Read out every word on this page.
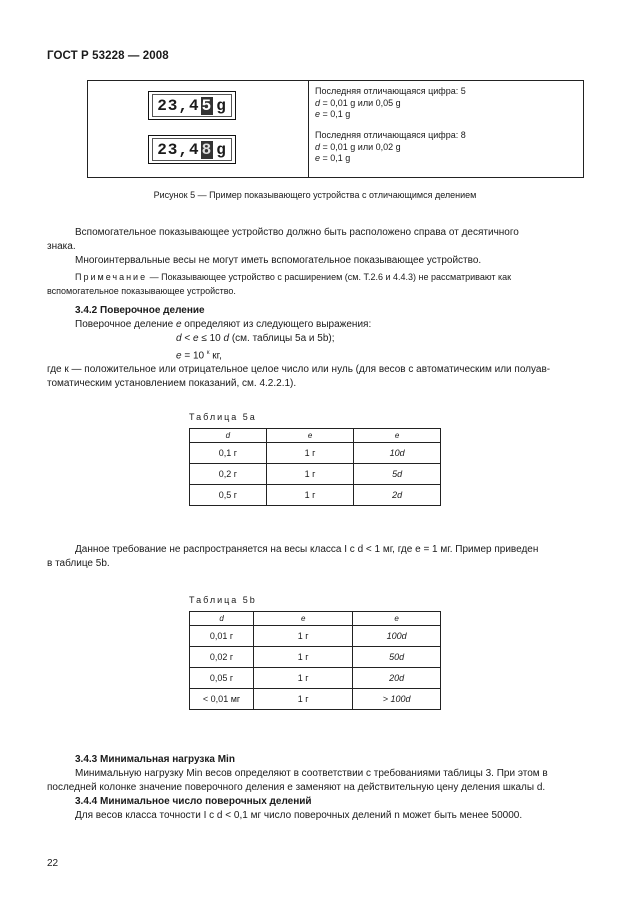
ГОСТ Р 53228 — 2008
23,4 5 g
23,4 8 g
Последняя отличающаяся цифра: 5
d = 0,01 g или 0,05 g
e = 0,1 g
Последняя отличающаяся цифра: 8
d = 0,01 g или 0,02 g
e = 0,1 g
Рисунок 5 — Пример показывающего устройства с отличающимся делением
Вспомогательное показывающее устройство должно быть расположено справа от десятичного
знака.
Многоинтервальные весы не могут иметь вспомогательное показывающее устройство.
Примечание — Показывающее устройство с расширением (см. Т.2.6 и 4.4.3) не рассматривают как
вспомогательное показывающее устройство.
3.4.2 Поверочное деление
Поверочное деление e определяют из следующего выражения:
d < e ≤ 10 d (см. таблицы 5a и 5b);
e = 10 $^к$ кг,
где к — положительное или отрицательное целое число или нуль (для весов с автоматическим или полуав-
томатическим установлением показаний, см. 4.2.2.1).
Таблица 5a
d	e	e
0,1 г	1 г	10d
0,2 г	1 г	5d
0,5 г	1 г	2d
Данное требование не распространяется на весы класса I с d < 1 мг, где e = 1 мг. Пример приведен
в таблице 5b.
Таблица 5b
d	e	e
0,01 г	1 г	100d
0,02 г	1 г	50d
0,05 г	1 г	20d
< 0,01 мг	1 г	> 100d
3.4.3 Минимальная нагрузка Min
Минимальную нагрузку Min весов определяют в соответствии с требованиями таблицы 3. При этом в
последней колонке значение поверочного деления e заменяют на действительную цену деления шкалы d.
3.4.4 Минимальное число поверочных делений
Для весов класса точности I с d < 0,1 мг число поверочных делений n может быть менее 50000.
22
